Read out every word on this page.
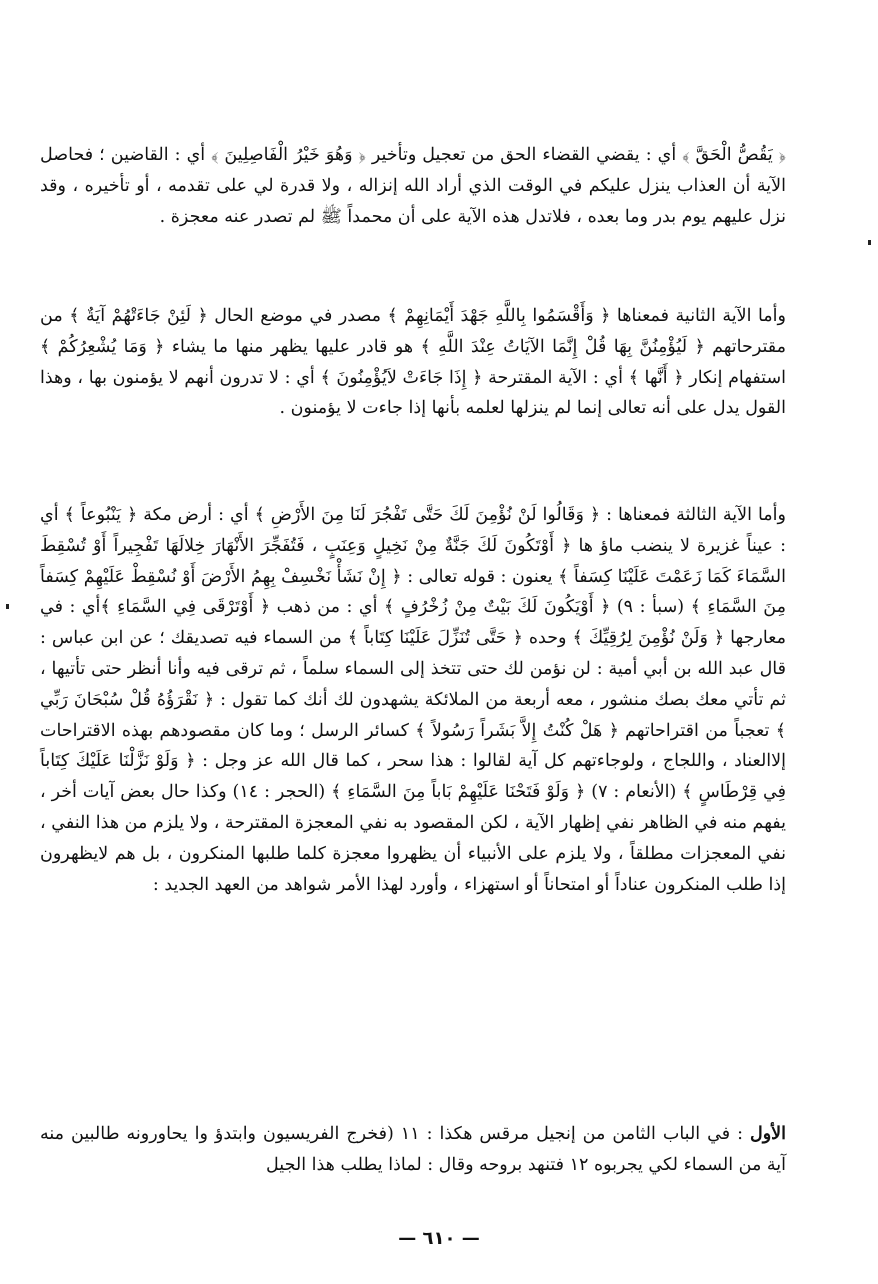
﴿ يَقُصُّ الْحَقَّ ﴾ أي : يقضي القضاء الحق من تعجيل وتأخير ﴿ وَهُوَ خَيْرُ الْفَاصِلِينَ ﴾ أي : القاضين ؛ فحاصل الآية أن العذاب ينزل عليكم في الوقت الذي أراد الله إنزاله ، ولا قدرة لي على تقدمه ، أو تأخيره ، وقد نزل عليهم يوم بدر وما بعده ، فلاتدل هذه الآية على أن محمداً ﷺ لم تصدر عنه معجزة .

وأما الآية الثانية فمعناها ﴿ وَأَقْسَمُوا بِاللَّهِ جَهْدَ أَيْمَانِهِمْ ﴾ مصدر في موضع الحال ﴿ لَئِنْ جَاءَتْهُمْ آيَةٌ ﴾ من مقترحاتهم ﴿ لَيُؤْمِنُنَّ بِهَا قُلْ إِنَّمَا الآيَاتُ عِنْدَ اللَّهِ ﴾ هو قادر عليها يظهر منها ما يشاء ﴿ وَمَا يُشْعِرُكُمْ ﴾ استفهام إنكار ﴿ أَنَّها ﴾ أي : الآية المقترحة ﴿ إِذَا جَاءَتْ لاَيُؤْمِنُونَ ﴾ أي : لا تدرون أنهم لا يؤمنون بها ، وهذا القول يدل على أنه تعالى إنما لم ينزلها لعلمه بأنها إذا جاءت لا يؤمنون .

وأما الآية الثالثة فمعناها : ﴿ وَقَالُوا لَنْ نُؤْمِنَ لَكَ حَتَّى تَفْجُرَ لَنَا مِنَ الأَرْضِ ﴾ أي : أرض مكة ﴿ يَنْبُوعاً ﴾ أي : عيناً غزيرة لا ينضب ماؤ ها ﴿ أَوْتَكُونَ لَكَ جَنَّةٌ مِنْ نَخِيلٍ وَعِنَبٍ ، فَتُفَجِّرَ الأَنْهَارَ خِلالَهَا تَفْجِيراً أَوْ تُسْقِطَ السَّمَاءَ كَمَا زَعَمْتَ عَلَيْنَا كِسَفاً ﴾ يعنون : قوله تعالى : ﴿ إِنْ نَشَأْ نَخْسِفْ بِهِمُ الأَرْضَ أَوْ نُسْقِطْ عَلَيْهِمْ كِسَفاً مِنَ السَّمَاءِ ﴾ (سبأ : ٩) ﴿ أَوْيَكُونَ لَكَ بَيْتٌ مِنْ زُخْرُفٍ ﴾ أي : من ذهب ﴿ أَوْتَرْقَى فِي السَّمَاءِ ﴾أي : في معارجها ﴿ وَلَنْ نُؤْمِنَ لِرُقِيِّكَ ﴾ وحده ﴿ حَتَّى تُنَزِّلَ عَلَيْنَا كِتَاباً ﴾ من السماء فيه تصديقك ؛ عن ابن عباس : قال عبد الله بن أبي أمية : لن نؤمن لك حتى تتخذ إلى السماء سلماً ، ثم ترقى فيه وأنا أنظر حتى تأتيها ، ثم تأتي معك بصك منشور ، معه أربعة من الملائكة يشهدون لك أنك كما تقول : ﴿ نَقْرَؤُهُ قُلْ سُبْحَانَ رَبِّي ﴾ تعجباً من اقتراحاتهم ﴿ هَلْ كُنْتُ إِلاَّ بَشَراً رَسُولاً ﴾ كسائر الرسل ؛ وما كان مقصودهم بهذه الاقتراحات إلاالعناد ، واللجاج ، ولوجاءتهم كل آية لقالوا : هذا سحر ، كما قال الله عز وجل : ﴿ وَلَوْ نَزَّلْنَا عَلَيْكَ كِتَاباً فِي قِرْطَاسٍ ﴾ (الأنعام : ٧) ﴿ وَلَوْ فَتَحْنَا عَلَيْهِمْ بَاباً مِنَ السَّمَاءِ ﴾ (الحجر : ١٤) وكذا حال بعض آيات أخر ، يفهم منه في الظاهر نفي إظهار الآية ، لكن المقصود به نفي المعجزة المقترحة ، ولا يلزم من هذا النفي ، نفي المعجزات مطلقاً ، ولا يلزم على الأنبياء أن يظهروا معجزة كلما طلبها المنكرون ، بل هم لايظهرون إذا طلب المنكرون عناداً أو امتحاناً أو استهزاء ، وأورد لهذا الأمر شواهد من العهد الجديد :

الأول : في الباب الثامن من إنجيل مرقس هكذا : ١١ (فخرج الفريسيون وابتدؤ وا يحاورونه طالبين منه آية من السماء لكي يجربوه ١٢ فتنهد بروحه وقال : لماذا يطلب هذا الجيل

— ٦١٠ —
